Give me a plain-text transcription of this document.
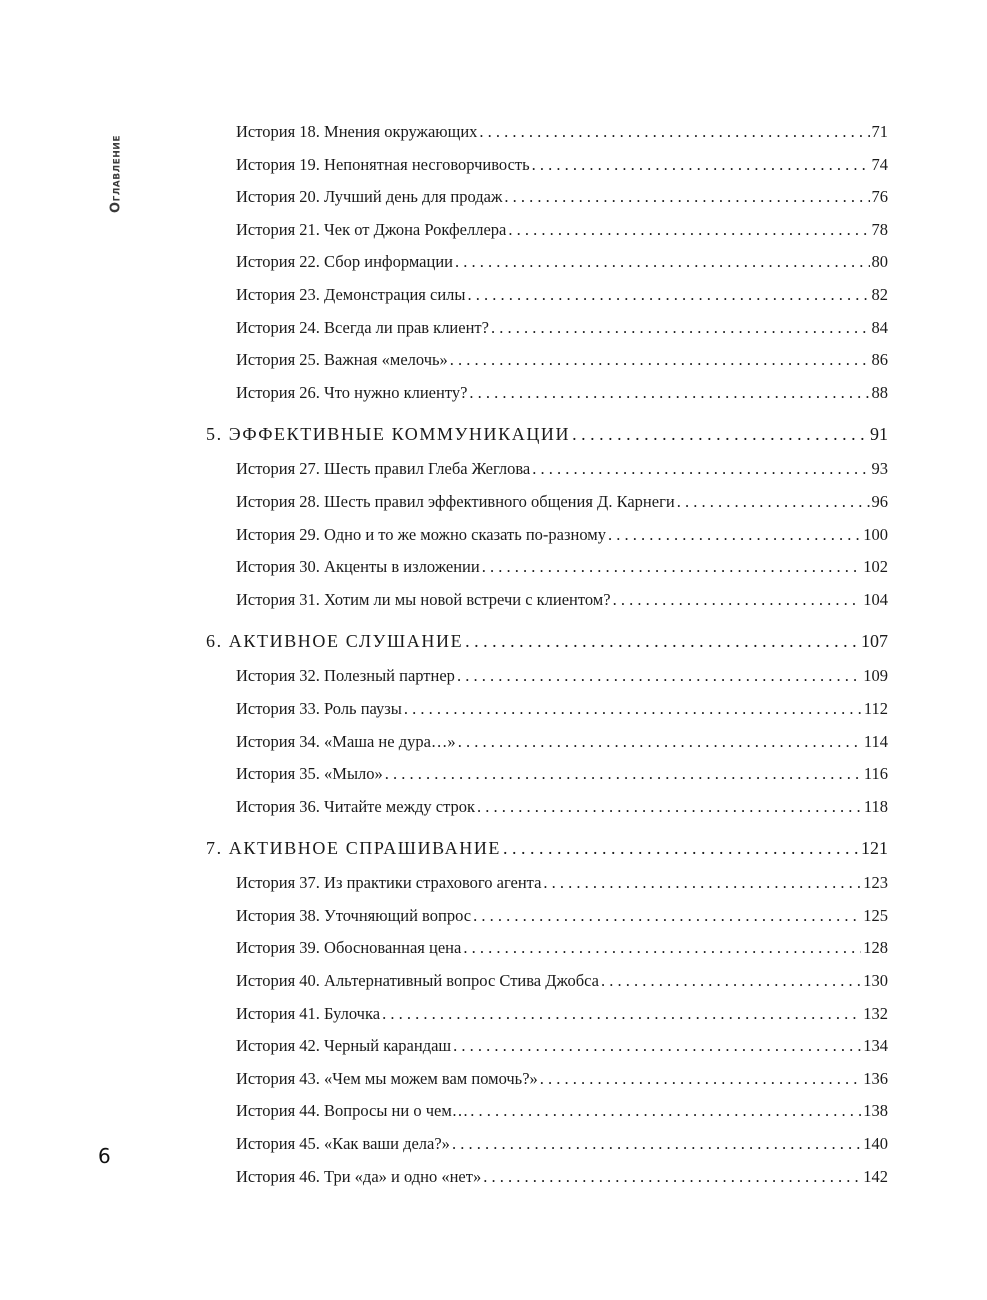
Оглавление
История 18. Мнения окружающих . . .	71
История 19. Непонятная несговорчивость . . .	74
История 20. Лучший день для продаж . . .	76
История 21. Чек от Джона Рокфеллера . . .	78
История 22. Сбор информации . . .	80
История 23. Демонстрация силы . . .	82
История 24. Всегда ли прав клиент? . . .	84
История 25. Важная «мелочь» . . .	86
История 26. Что нужно клиенту? . . .	88
5. ЭФФЕКТИВНЫЕ КОММУНИКАЦИИ . . .	91
История 27. Шесть правил Глеба Жеглова . . .	93
История 28. Шесть правил эффективного общения Д. Карнеги . . .	96
История 29. Одно и то же можно сказать по-разному . . .	100
История 30. Акценты в изложении . . .	102
История 31. Хотим ли мы новой встречи с клиентом? . . .	104
6. АКТИВНОЕ СЛУШАНИЕ . . .	107
История 32. Полезный партнер . . .	109
История 33. Роль паузы . . .	112
История 34. «Маша не дура…» . . .	114
История 35. «Мыло» . . .	116
История 36. Читайте между строк . . .	118
7. АКТИВНОЕ СПРАШИВАНИЕ . . .	121
История 37. Из практики страхового агента . . .	123
История 38. Уточняющий вопрос . . .	125
История 39. Обоснованная цена . . .	128
История 40. Альтернативный вопрос Стива Джобса . . .	130
История 41. Булочка . . .	132
История 42. Черный карандаш . . .	134
История 43. «Чем мы можем вам помочь?» . . .	136
История 44. Вопросы ни о чем… . . .	138
История 45. «Как ваши дела?» . . .	140
История 46. Три «да» и одно «нет» . . .	142
6
